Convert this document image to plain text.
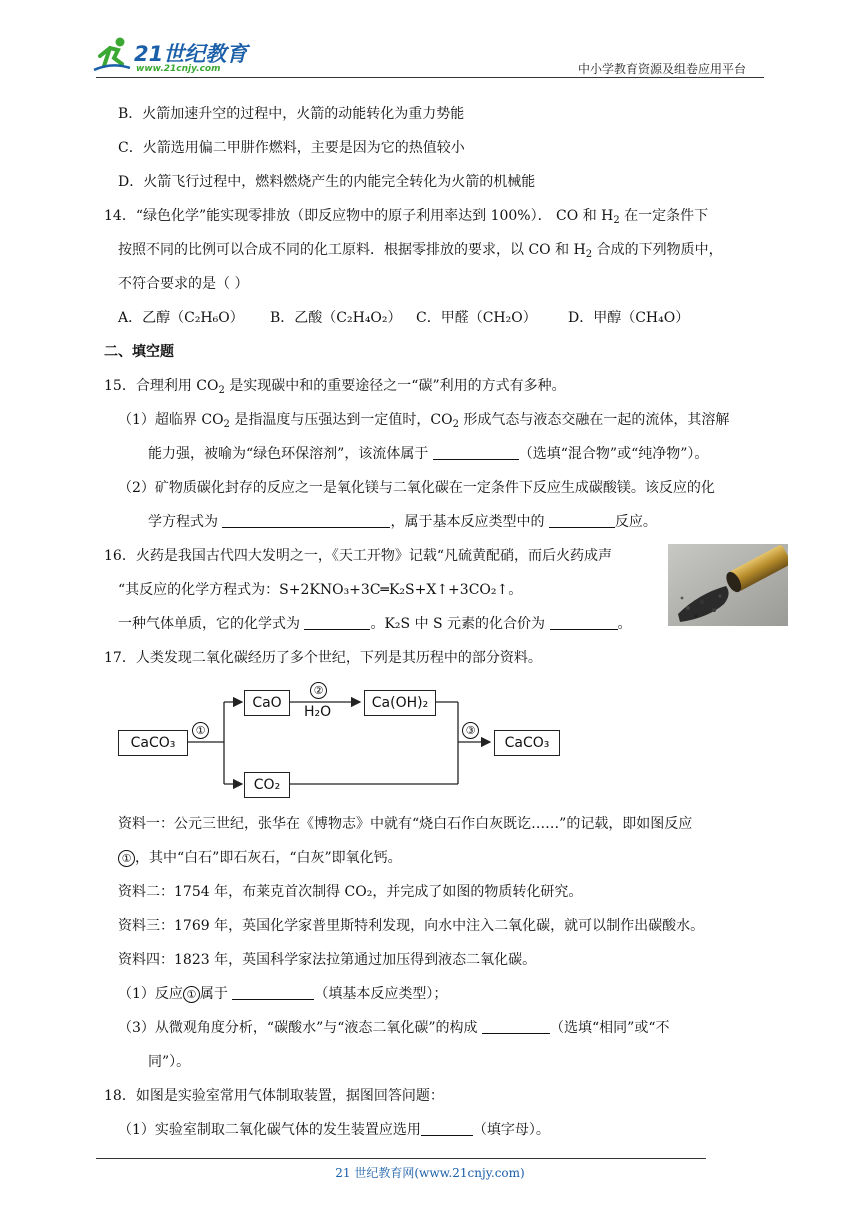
21世纪教育
www.21cnjy.com	中小学教育资源及组卷应用平台
B．火箭加速升空的过程中，火箭的动能转化为重力势能
C．火箭选用偏二甲肼作燃料，主要是因为它的热值较小
D．火箭飞行过程中，燃料燃烧产生的内能完全转化为火箭的机械能
14．“绿色化学”能实现零排放（即反应物中的原子利用率达到 100%）． CO 和 $H_2$ 在一定条件下
按照不同的比例可以合成不同的化工原料．根据零排放的要求，以 CO 和 $H_2$ 合成的下列物质中，
不符合要求的是（ ）
A．乙醇（C₂H₆O） B．乙酸（C₂H₄O₂） C．甲醛（CH₂O） D．甲醇（CH₄O）
二、填空题
15．合理利用 $CO_2$ 是实现碳中和的重要途径之一“碳”利用的方式有多种。
（1）超临界 $CO_2$ 是指温度与压强达到一定值时，$CO_2$ 形成气态与液态交融在一起的流体，其溶解
能力强，被喻为“绿色环保溶剂”，该流体属于	（选填“混合物”或“纯净物”）。
（2）矿物质碳化封存的反应之一是氧化镁与二氧化碳在一定条件下反应生成碳酸镁。该反应的化
学方程式为	，属于基本反应类型中的	反应。
16．火药是我国古代四大发明之一，《天工开物》记载“凡硫黄配硝，而后火药成声
“其反应的化学方程式为：S+2KNO₃+3C═K₂S+X↑+3CO₂↑。
一种气体单质，它的化学式为	。K₂S 中 S 元素的化合价为	。
17．人类发现二氧化碳经历了多个世纪，下列是其历程中的部分资料。
CaCO₃
CaO	Ca(OH)₂
CaCO₃
CO₂
①
②
H₂O
③
资料一：公元三世纪，张华在《博物志》中就有“烧白石作白灰既讫……”的记载，即如图反应
① ，其中“白石”即石灰石，“白灰”即氧化钙。
资料二：1754 年，布莱克首次制得 CO₂，并完成了如图的物质转化研究。
资料三：1769 年，英国化学家普里斯特利发现，向水中注入二氧化碳，就可以制作出碳酸水。
资料四：1823 年，英国科学家法拉第通过加压得到液态二氧化碳。
（1）反应 ① 属于	（填基本反应类型）；
（3）从微观角度分析，“碳酸水”与“液态二氧化碳”的构成	（选填“相同”或“不
同”）。
18．如图是实验室常用气体制取装置，据图回答问题：
（1）实验室制取二氧化碳气体的发生装置应选用	（填字母）。
21 世纪教育网(www.21cnjy.com)
